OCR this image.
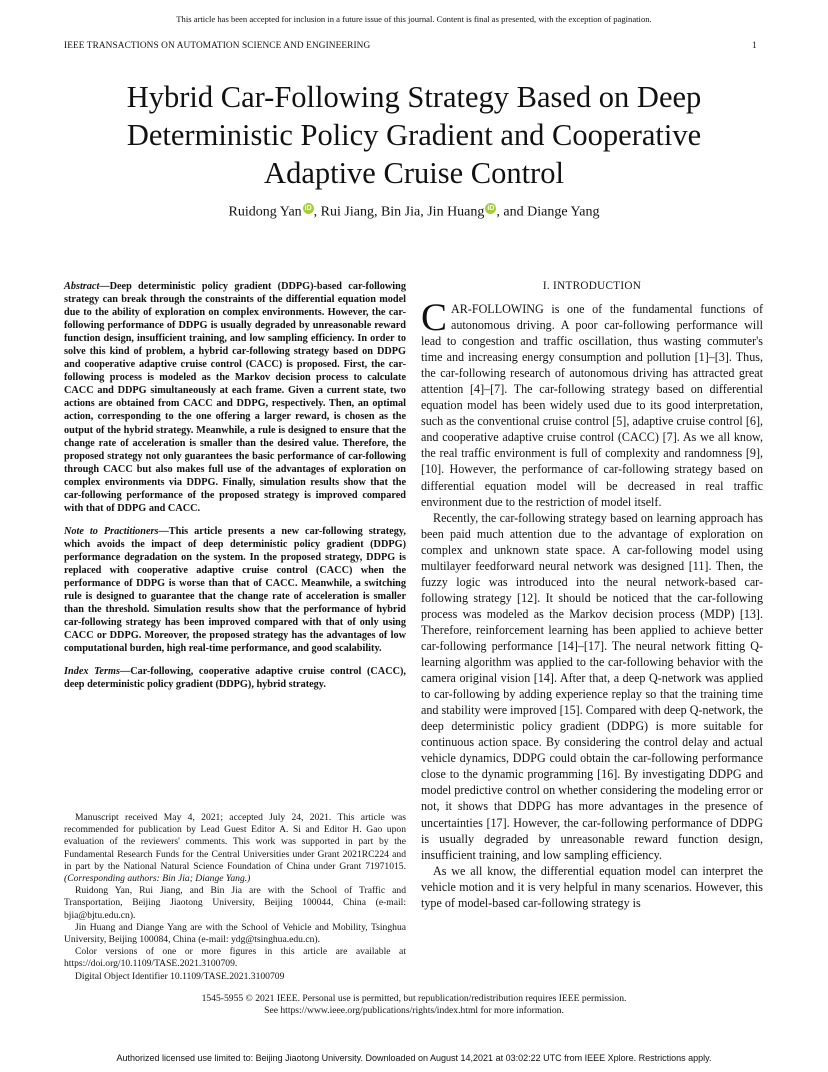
This article has been accepted for inclusion in a future issue of this journal. Content is final as presented, with the exception of pagination.
IEEE TRANSACTIONS ON AUTOMATION SCIENCE AND ENGINEERING	1
Hybrid Car-Following Strategy Based on Deep Deterministic Policy Gradient and Cooperative Adaptive Cruise Control
Ruidong Yan iD , Rui Jiang, Bin Jia, Jin Huang iD , and Diange Yang

Abstract—Deep deterministic policy gradient (DDPG)-based car-following strategy can break through the constraints of the differential equation model due to the ability of exploration on complex environments. However, the car-following performance of DDPG is usually degraded by unreasonable reward function design, insufficient training, and low sampling efficiency. In order to solve this kind of problem, a hybrid car-following strategy based on DDPG and cooperative adaptive cruise control (CACC) is proposed. First, the car-following process is modeled as the Markov decision process to calculate CACC and DDPG simultaneously at each frame. Given a current state, two actions are obtained from CACC and DDPG, respectively. Then, an optimal action, corresponding to the one offering a larger reward, is chosen as the output of the hybrid strategy. Meanwhile, a rule is designed to ensure that the change rate of acceleration is smaller than the desired value. Therefore, the proposed strategy not only guarantees the basic performance of car-following through CACC but also makes full use of the advantages of exploration on complex environments via DDPG. Finally, simulation results show that the car-following performance of the proposed strategy is improved compared with that of DDPG and CACC.

Note to Practitioners—This article presents a new car-following strategy, which avoids the impact of deep deterministic policy gradient (DDPG) performance degradation on the system. In the proposed strategy, DDPG is replaced with cooperative adaptive cruise control (CACC) when the performance of DDPG is worse than that of CACC. Meanwhile, a switching rule is designed to guarantee that the change rate of acceleration is smaller than the threshold. Simulation results show that the performance of hybrid car-following strategy has been improved compared with that of only using CACC or DDPG. Moreover, the proposed strategy has the advantages of low computational burden, high real-time performance, and good scalability.

Index Terms—Car-following, cooperative adaptive cruise control (CACC), deep deterministic policy gradient (DDPG), hybrid strategy.

Manuscript received May 4, 2021; accepted July 24, 2021. This article was recommended for publication by Lead Guest Editor A. Si and Editor H. Gao upon evaluation of the reviewers' comments. This work was supported in part by the Fundamental Research Funds for the Central Universities under Grant 2021RC224 and in part by the National Natural Science Foundation of China under Grant 71971015. (Corresponding authors: Bin Jia; Diange Yang.)

Ruidong Yan, Rui Jiang, and Bin Jia are with the School of Traffic and Transportation, Beijing Jiaotong University, Beijing 100044, China (e-mail: bjia@bjtu.edu.cn).

Jin Huang and Diange Yang are with the School of Vehicle and Mobility, Tsinghua University, Beijing 100084, China (e-mail: ydg@tsinghua.edu.cn).

Color versions of one or more figures in this article are available at https://doi.org/10.1109/TASE.2021.3100709.

Digital Object Identifier 10.1109/TASE.2021.3100709

I. INTRODUCTION

CAR-FOLLOWING is one of the fundamental functions of autonomous driving. A poor car-following performance will lead to congestion and traffic oscillation, thus wasting commuter's time and increasing energy consumption and pollution [1]–[3]. Thus, the car-following research of autonomous driving has attracted great attention [4]–[7]. The car-following strategy based on differential equation model has been widely used due to its good interpretation, such as the conventional cruise control [5], adaptive cruise control [6], and cooperative adaptive cruise control (CACC) [7]. As we all know, the real traffic environment is full of complexity and randomness [9], [10]. However, the performance of car-following strategy based on differential equation model will be decreased in real traffic environment due to the restriction of model itself.

Recently, the car-following strategy based on learning approach has been paid much attention due to the advantage of exploration on complex and unknown state space. A car-following model using multilayer feedforward neural network was designed [11]. Then, the fuzzy logic was introduced into the neural network-based car-following strategy [12]. It should be noticed that the car-following process was modeled as the Markov decision process (MDP) [13]. Therefore, reinforcement learning has been applied to achieve better car-following performance [14]–[17]. The neural network fitting Q-learning algorithm was applied to the car-following behavior with the camera original vision [14]. After that, a deep Q-network was applied to car-following by adding experience replay so that the training time and stability were improved [15]. Compared with deep Q-network, the deep deterministic policy gradient (DDPG) is more suitable for continuous action space. By considering the control delay and actual vehicle dynamics, DDPG could obtain the car-following performance close to the dynamic programming [16]. By investigating DDPG and model predictive control on whether considering the modeling error or not, it shows that DDPG has more advantages in the presence of uncertainties [17]. However, the car-following performance of DDPG is usually degraded by unreasonable reward function design, insufficient training, and low sampling efficiency.

As we all know, the differential equation model can interpret the vehicle motion and it is very helpful in many scenarios. However, this type of model-based car-following strategy is

1545-5955 © 2021 IEEE. Personal use is permitted, but republication/redistribution requires IEEE permission.
See https://www.ieee.org/publications/rights/index.html for more information.
Authorized licensed use limited to: Beijing Jiaotong University. Downloaded on August 14,2021 at 03:02:22 UTC from IEEE Xplore. Restrictions apply.
